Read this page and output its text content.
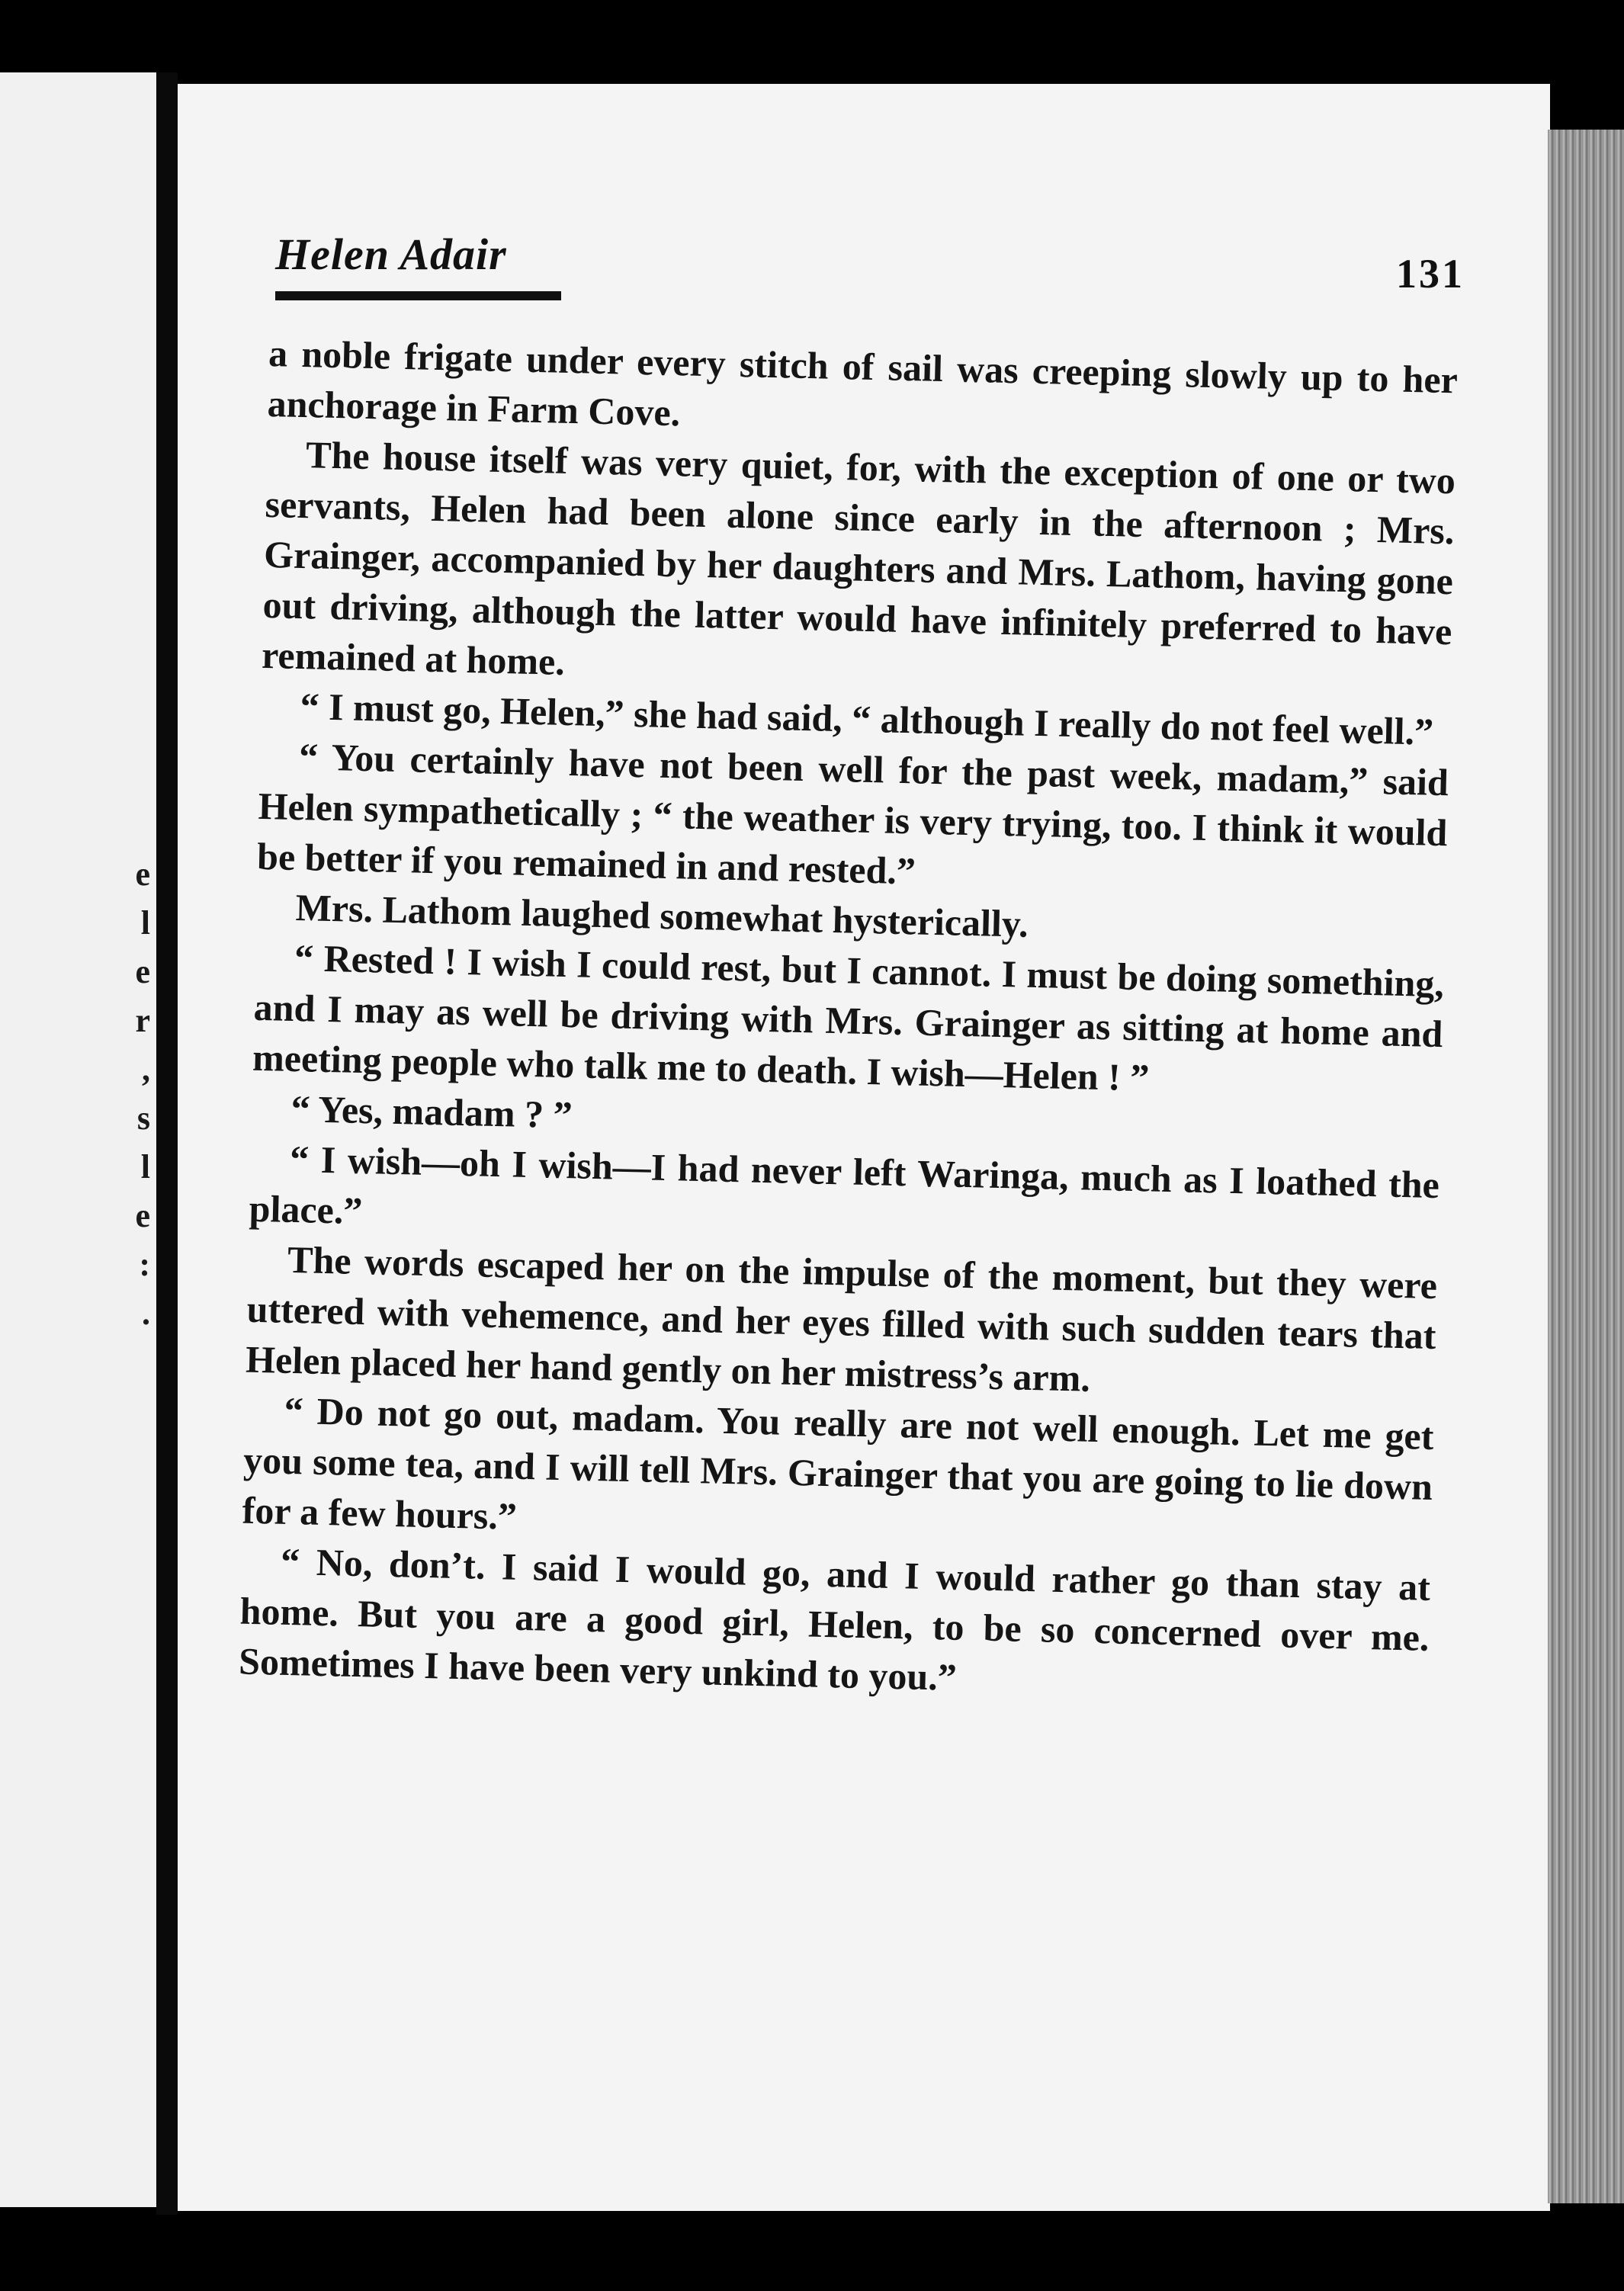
e
l
e
r
,
s
l
e
:
.
Helen Adair	131

a noble frigate under every stitch of sail was creeping slowly up to her anchorage in Farm Cove.

The house itself was very quiet, for, with the exception of one or two servants, Helen had been alone since early in the afternoon ; Mrs. Grainger, accompanied by her daughters and Mrs. Lathom, having gone out driving, although the latter would have infinitely preferred to have remained at home.

“ I must go, Helen,” she had said, “ although I really do not feel well.”

“ You certainly have not been well for the past week, madam,” said Helen sympathetically ; “ the weather is very trying, too. I think it would be better if you remained in and rested.”

Mrs. Lathom laughed somewhat hysterically.

“ Rested ! I wish I could rest, but I cannot. I must be doing something, and I may as well be driving with Mrs. Grainger as sitting at home and meeting people who talk me to death. I wish—Helen ! ”

“ Yes, madam ? ”

“ I wish—oh I wish—I had never left Waringa, much as I loathed the place.”

The words escaped her on the impulse of the moment, but they were uttered with vehemence, and her eyes filled with such sudden tears that Helen placed her hand gently on her mistress’s arm.

“ Do not go out, madam. You really are not well enough. Let me get you some tea, and I will tell Mrs. Grainger that you are going to lie down for a few hours.”

“ No, don’t. I said I would go, and I would rather go than stay at home. But you are a good girl, Helen, to be so concerned over me. Sometimes I have been very unkind to you.”
